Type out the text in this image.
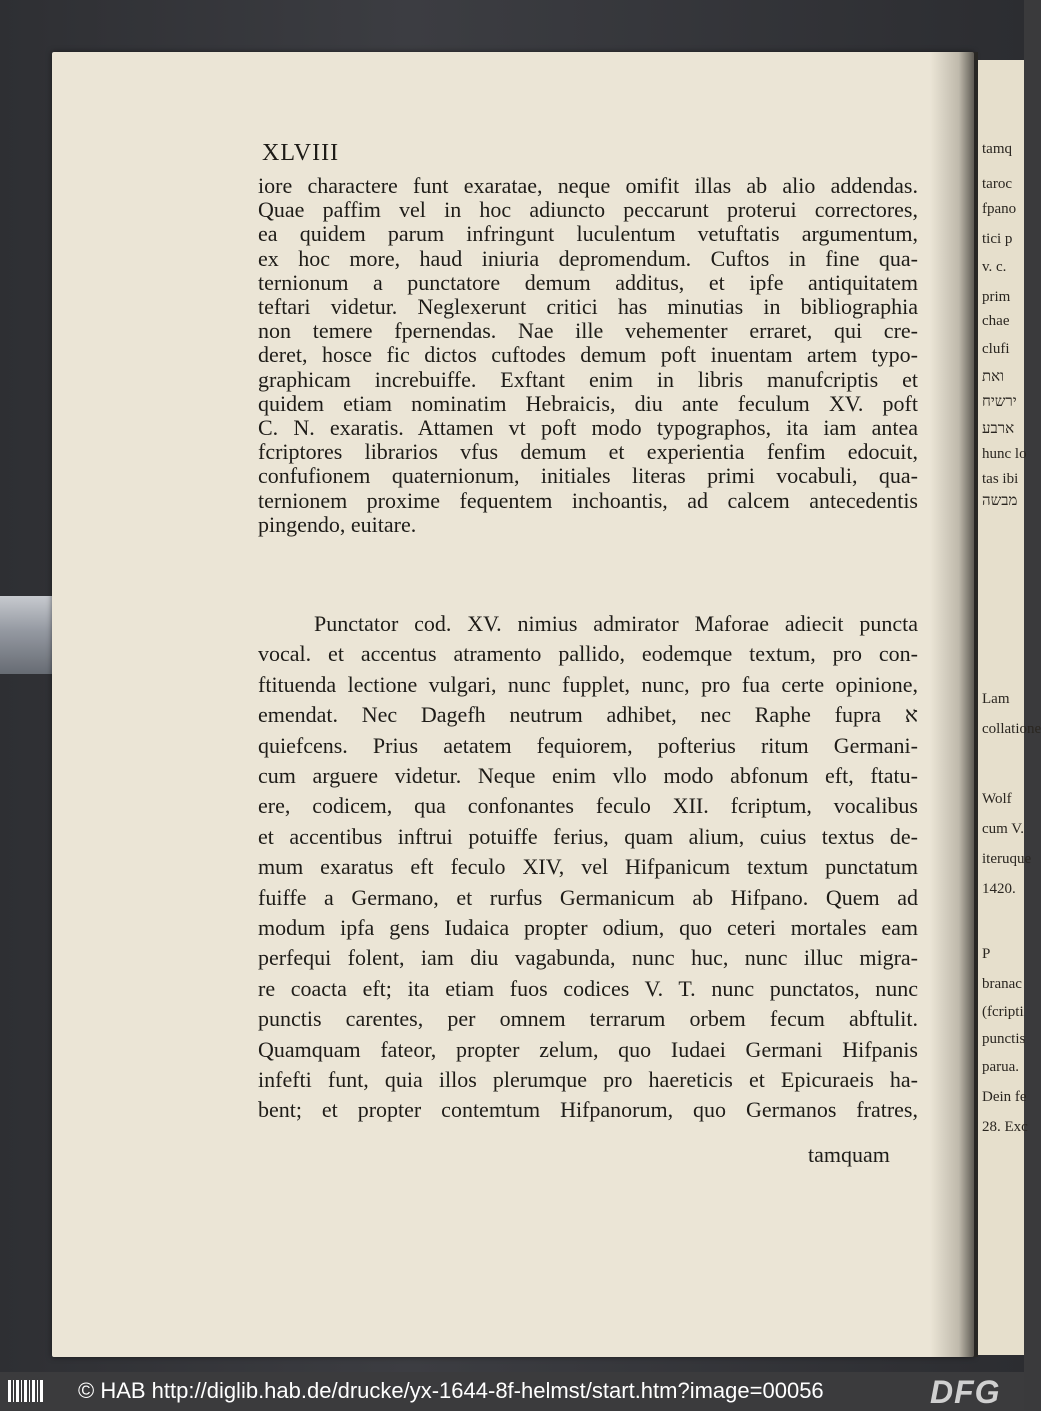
tamq
taroc
fpano
tici p
v. c.
prim
chae
clufi
ואת
ירשיח
ארבע
hunc lo
tas ibi
מבשה
Lam
collatione
Wolf
cum V.
iteruque
1420.
P
branac
(fcripti
punctis
parua.
Dein fe
28. Exc
XLVIII
iore charactere funt exaratae, neque omifit illas ab alio addendas.
Quae paffim vel in hoc adiuncto peccarunt proterui correctores,
ea quidem parum infringunt luculentum vetuftatis argumentum,
ex hoc more, haud iniuria depromendum. Cuftos in fine qua-
ternionum a punctatore demum additus, et ipfe antiquitatem
teftari videtur. Neglexerunt critici has minutias in bibliographia
non temere fpernendas. Nae ille vehementer erraret, qui cre-
deret, hosce fic dictos cuftodes demum poft inuentam artem typo-
graphicam increbuiffe. Exftant enim in libris manufcriptis et
quidem etiam nominatim Hebraicis, diu ante feculum XV. poft
C. N. exaratis. Attamen vt poft modo typographos, ita iam antea
fcriptores librarios vfus demum et experientia fenfim edocuit,
confufionem quaternionum, initiales literas primi vocabuli, qua-
ternionem proxime fequentem inchoantis, ad calcem antecedentis
pingendo, euitare.
Punctator cod. XV. nimius admirator Maforae adiecit puncta
vocal. et accentus atramento pallido, eodemque textum, pro con-
ftituenda lectione vulgari, nunc fupplet, nunc, pro fua certe opinione,
emendat. Nec Dagefh neutrum adhibet, nec Raphe fupra א
quiefcens. Prius aetatem fequiorem, pofterius ritum Germani-
cum arguere videtur. Neque enim vllo modo abfonum eft, ftatu-
ere, codicem, qua confonantes feculo XII. fcriptum, vocalibus
et accentibus inftrui potuiffe ferius, quam alium, cuius textus de-
mum exaratus eft feculo XIV, vel Hifpanicum textum punctatum
fuiffe a Germano, et rurfus Germanicum ab Hifpano. Quem ad
modum ipfa gens Iudaica propter odium, quo ceteri mortales eam
perfequi folent, iam diu vagabunda, nunc huc, nunc illuc migra-
re coacta eft; ita etiam fuos codices V. T. nunc punctatos, nunc
punctis carentes, per omnem terrarum orbem fecum abftulit.
Quamquam fateor, propter zelum, quo Iudaei Germani Hifpanis
infefti funt, quia illos plerumque pro haereticis et Epicuraeis ha-
bent; et propter contemtum Hifpanorum, quo Germanos fratres,
tamquam
© HAB http://diglib.hab.de/drucke/yx-1644-8f-helmst/start.htm?image=00056	DFG
